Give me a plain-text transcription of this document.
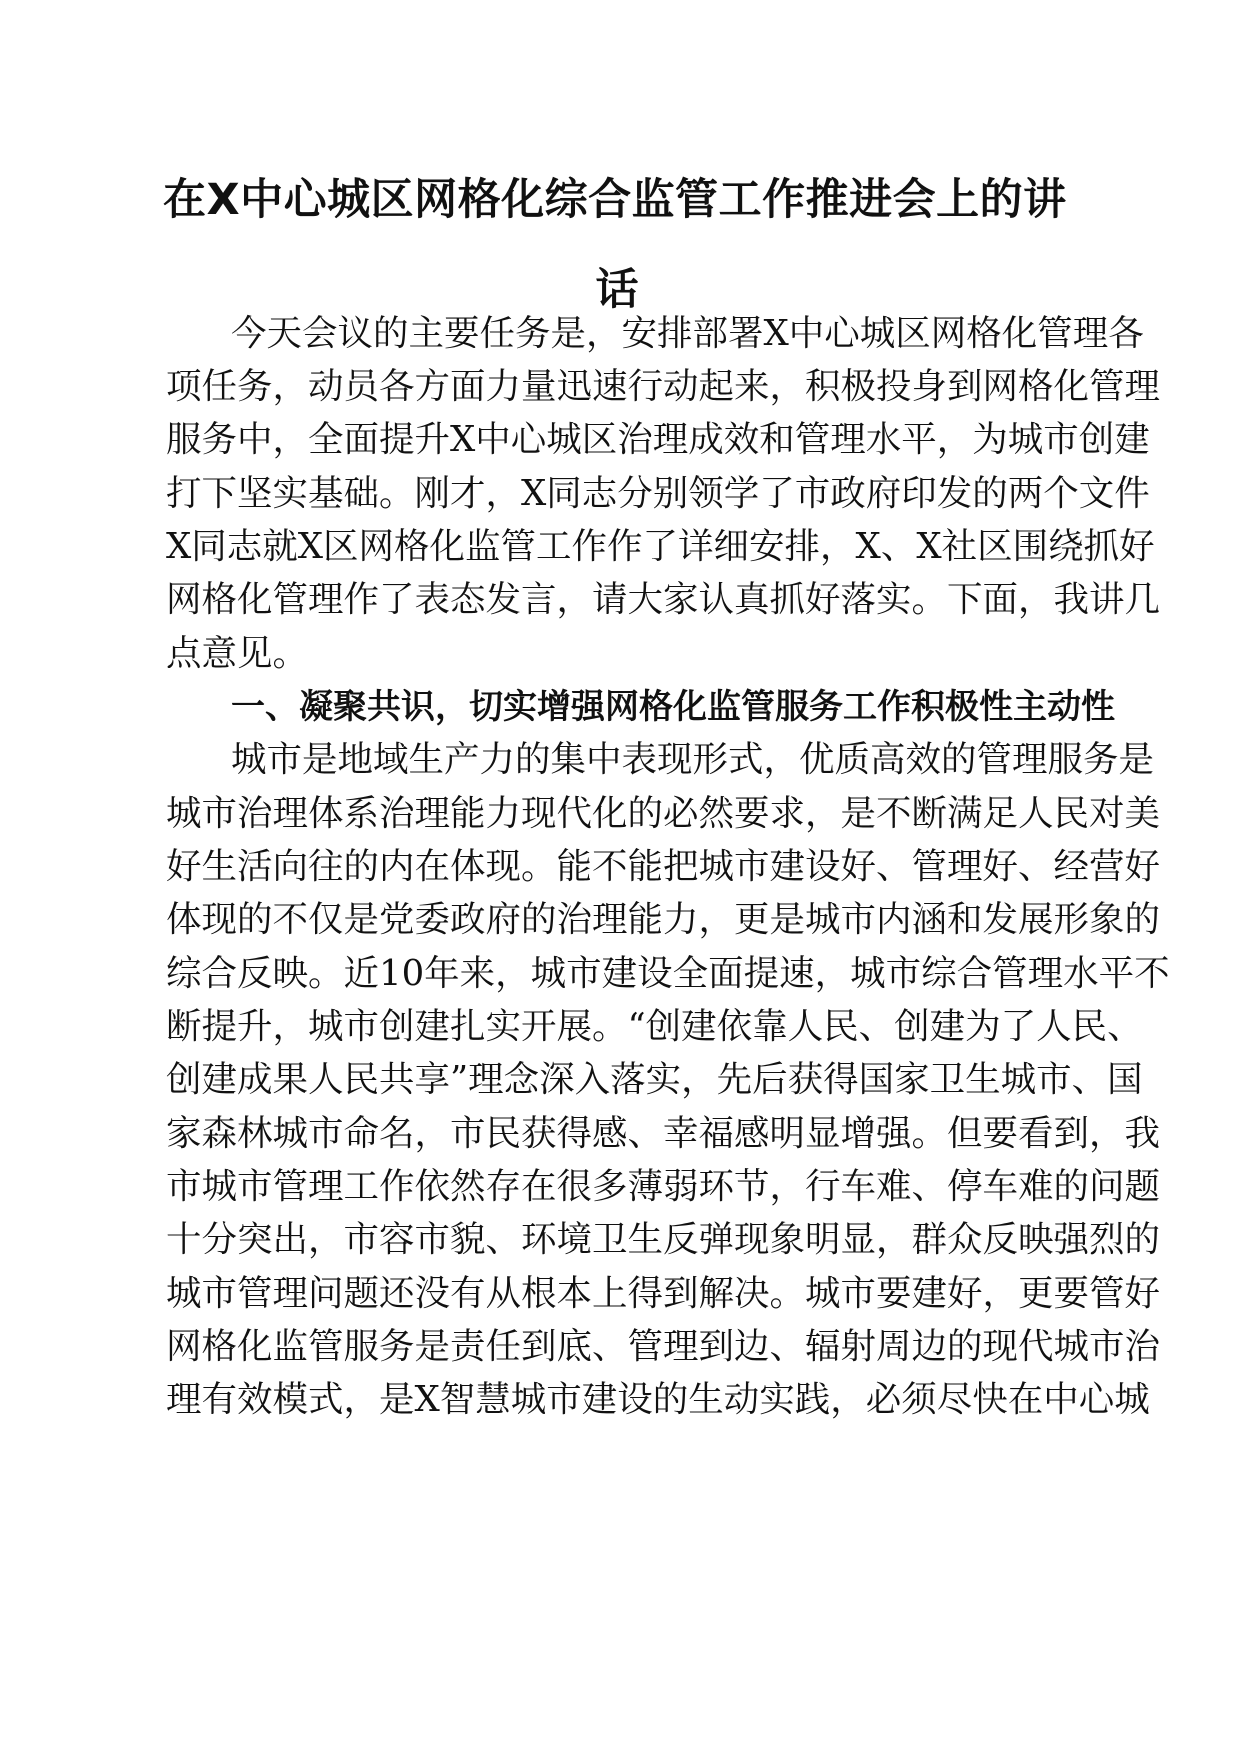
在X中心城区网格化综合监管工作推进会上的讲
话
今天会议的主要任务是，安排部署X中心城区网格化管理各
项任务，动员各方面力量迅速行动起来，积极投身到网格化管理
服务中，全面提升X中心城区治理成效和管理水平，为城市创建
打下坚实基础。刚才，X同志分别领学了市政府印发的两个文件
X同志就X区网格化监管工作作了详细安排，X、X社区围绕抓好
网格化管理作了表态发言，请大家认真抓好落实。下面，我讲几
点意见。
一、凝聚共识，切实增强网格化监管服务工作积极性主动性
城市是地域生产力的集中表现形式，优质高效的管理服务是
城市治理体系治理能力现代化的必然要求，是不断满足人民对美
好生活向往的内在体现。能不能把城市建设好、管理好、经营好
体现的不仅是党委政府的治理能力，更是城市内涵和发展形象的
综合反映。近10年来，城市建设全面提速，城市综合管理水平不
断提升，城市创建扎实开展。“创建依靠人民、创建为了人民、
创建成果人民共享”理念深入落实，先后获得国家卫生城市、国
家森林城市命名，市民获得感、幸福感明显增强。但要看到，我
市城市管理工作依然存在很多薄弱环节，行车难、停车难的问题
十分突出，市容市貌、环境卫生反弹现象明显，群众反映强烈的
城市管理问题还没有从根本上得到解决。城市要建好，更要管好
网格化监管服务是责任到底、管理到边、辐射周边的现代城市治
理有效模式，是X智慧城市建设的生动实践，必须尽快在中心城
